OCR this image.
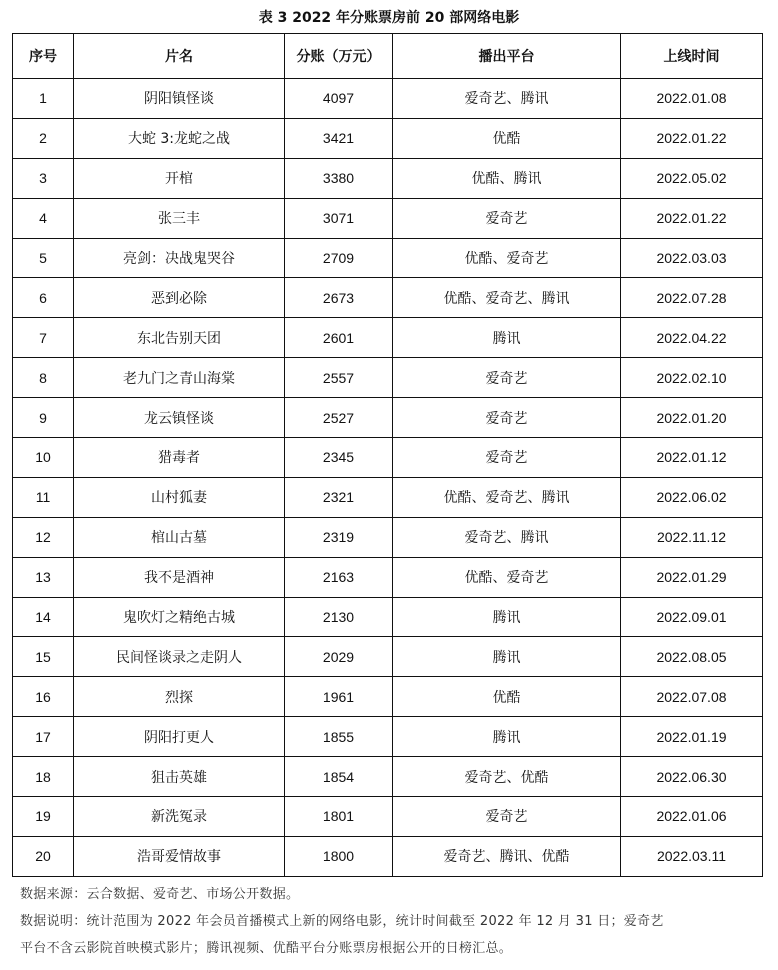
表 3 2022 年分账票房前 20 部网络电影
序号	片名	分账（万元）	播出平台	上线时间
1	阴阳镇怪谈	4097	爱奇艺、腾讯	2022.01.08
2	大蛇 3:龙蛇之战	3421	优酷	2022.01.22
3	开棺	3380	优酷、腾讯	2022.05.02
4	张三丰	3071	爱奇艺	2022.01.22
5	亮剑：决战鬼哭谷	2709	优酷、爱奇艺	2022.03.03
6	恶到必除	2673	优酷、爱奇艺、腾讯	2022.07.28
7	东北告别天团	2601	腾讯	2022.04.22
8	老九门之青山海棠	2557	爱奇艺	2022.02.10
9	龙云镇怪谈	2527	爱奇艺	2022.01.20
10	猎毒者	2345	爱奇艺	2022.01.12
11	山村狐妻	2321	优酷、爱奇艺、腾讯	2022.06.02
12	棺山古墓	2319	爱奇艺、腾讯	2022.11.12
13	我不是酒神	2163	优酷、爱奇艺	2022.01.29
14	鬼吹灯之精绝古城	2130	腾讯	2022.09.01
15	民间怪谈录之走阴人	2029	腾讯	2022.08.05
16	烈探	1961	优酷	2022.07.08
17	阴阳打更人	1855	腾讯	2022.01.19
18	狙击英雄	1854	爱奇艺、优酷	2022.06.30
19	新洗冤录	1801	爱奇艺	2022.01.06
20	浩哥爱情故事	1800	爱奇艺、腾讯、优酷	2022.03.11

数据来源：云合数据、爱奇艺、市场公开数据。

数据说明：统计范围为 2022 年会员首播模式上新的网络电影，统计时间截至 2022 年 12 月 31 日；爱奇艺

平台不含云影院首映模式影片；腾讯视频、优酷平台分账票房根据公开的日榜汇总。
